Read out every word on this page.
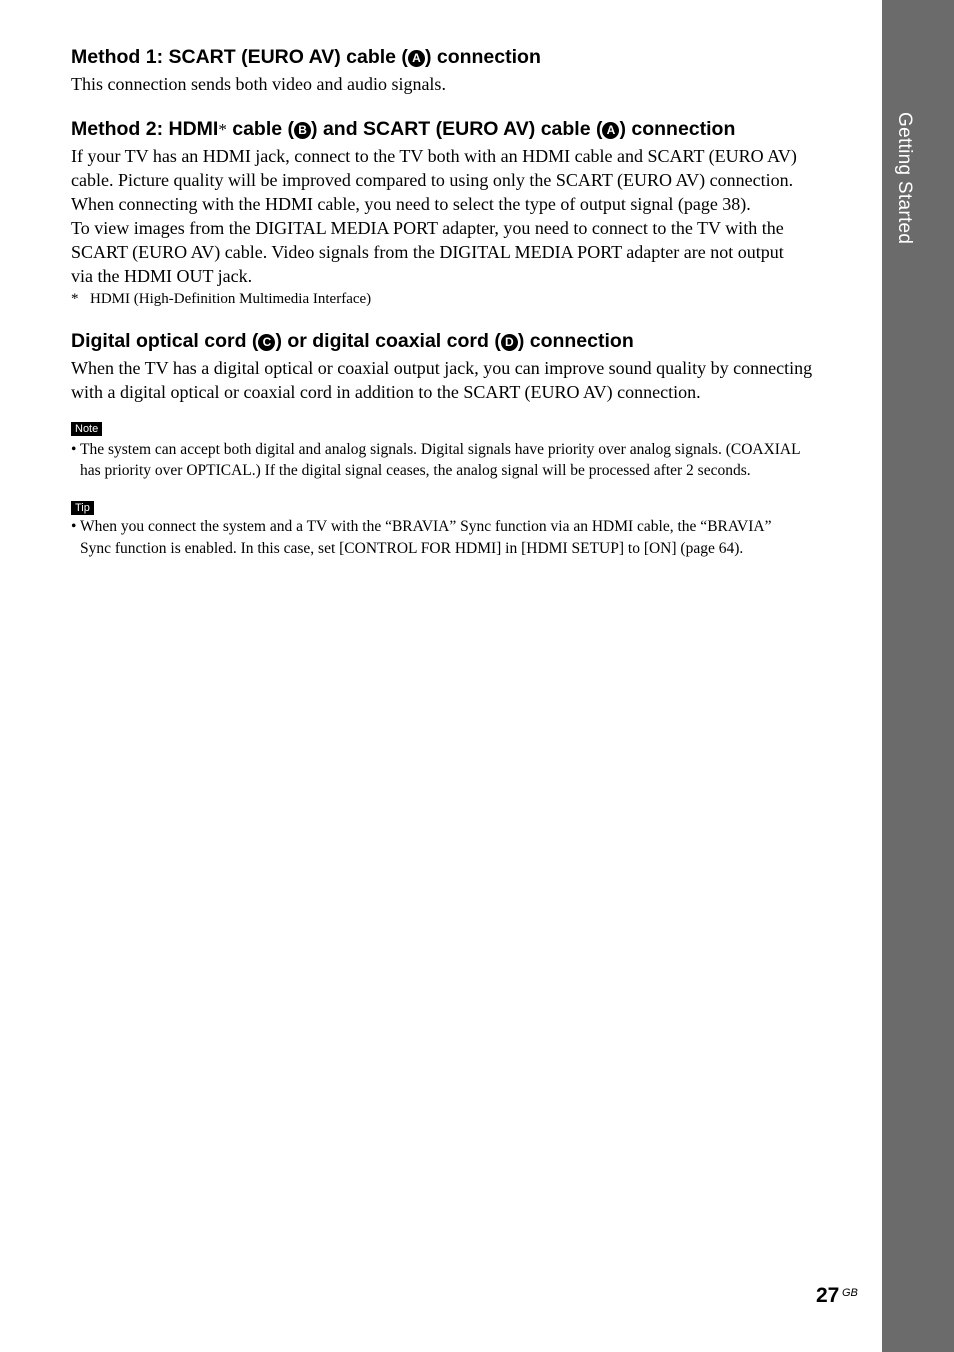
Getting Started
Method 1: SCART (EURO AV) cable ( A ) connection

This connection sends both video and audio signals.

Method 2: HDMI* cable ( B ) and SCART (EURO AV) cable ( A ) connection

If your TV has an HDMI jack, connect to the TV both with an HDMI cable and SCART (EURO AV)

cable. Picture quality will be improved compared to using only the SCART (EURO AV) connection.

When connecting with the HDMI cable, you need to select the type of output signal (page 38).

To view images from the DIGITAL MEDIA PORT adapter, you need to connect to the TV with the

SCART (EURO AV) cable. Video signals from the DIGITAL MEDIA PORT adapter are not output

via the HDMI OUT jack.

* HDMI (High-Definition Multimedia Interface)

Digital optical cord ( C ) or digital coaxial cord ( D ) connection

When the TV has a digital optical or coaxial output jack, you can improve sound quality by connecting

with a digital optical or coaxial cord in addition to the SCART (EURO AV) connection.

Note

• The system can accept both digital and analog signals. Digital signals have priority over analog signals. (COAXIAL

has priority over OPTICAL.) If the digital signal ceases, the analog signal will be processed after 2 seconds.

Tip

• When you connect the system and a TV with the “BRAVIA” Sync function via an HDMI cable, the “BRAVIA”

Sync function is enabled. In this case, set [CONTROL FOR HDMI] in [HDMI SETUP] to [ON] (page 64).

27 GB
